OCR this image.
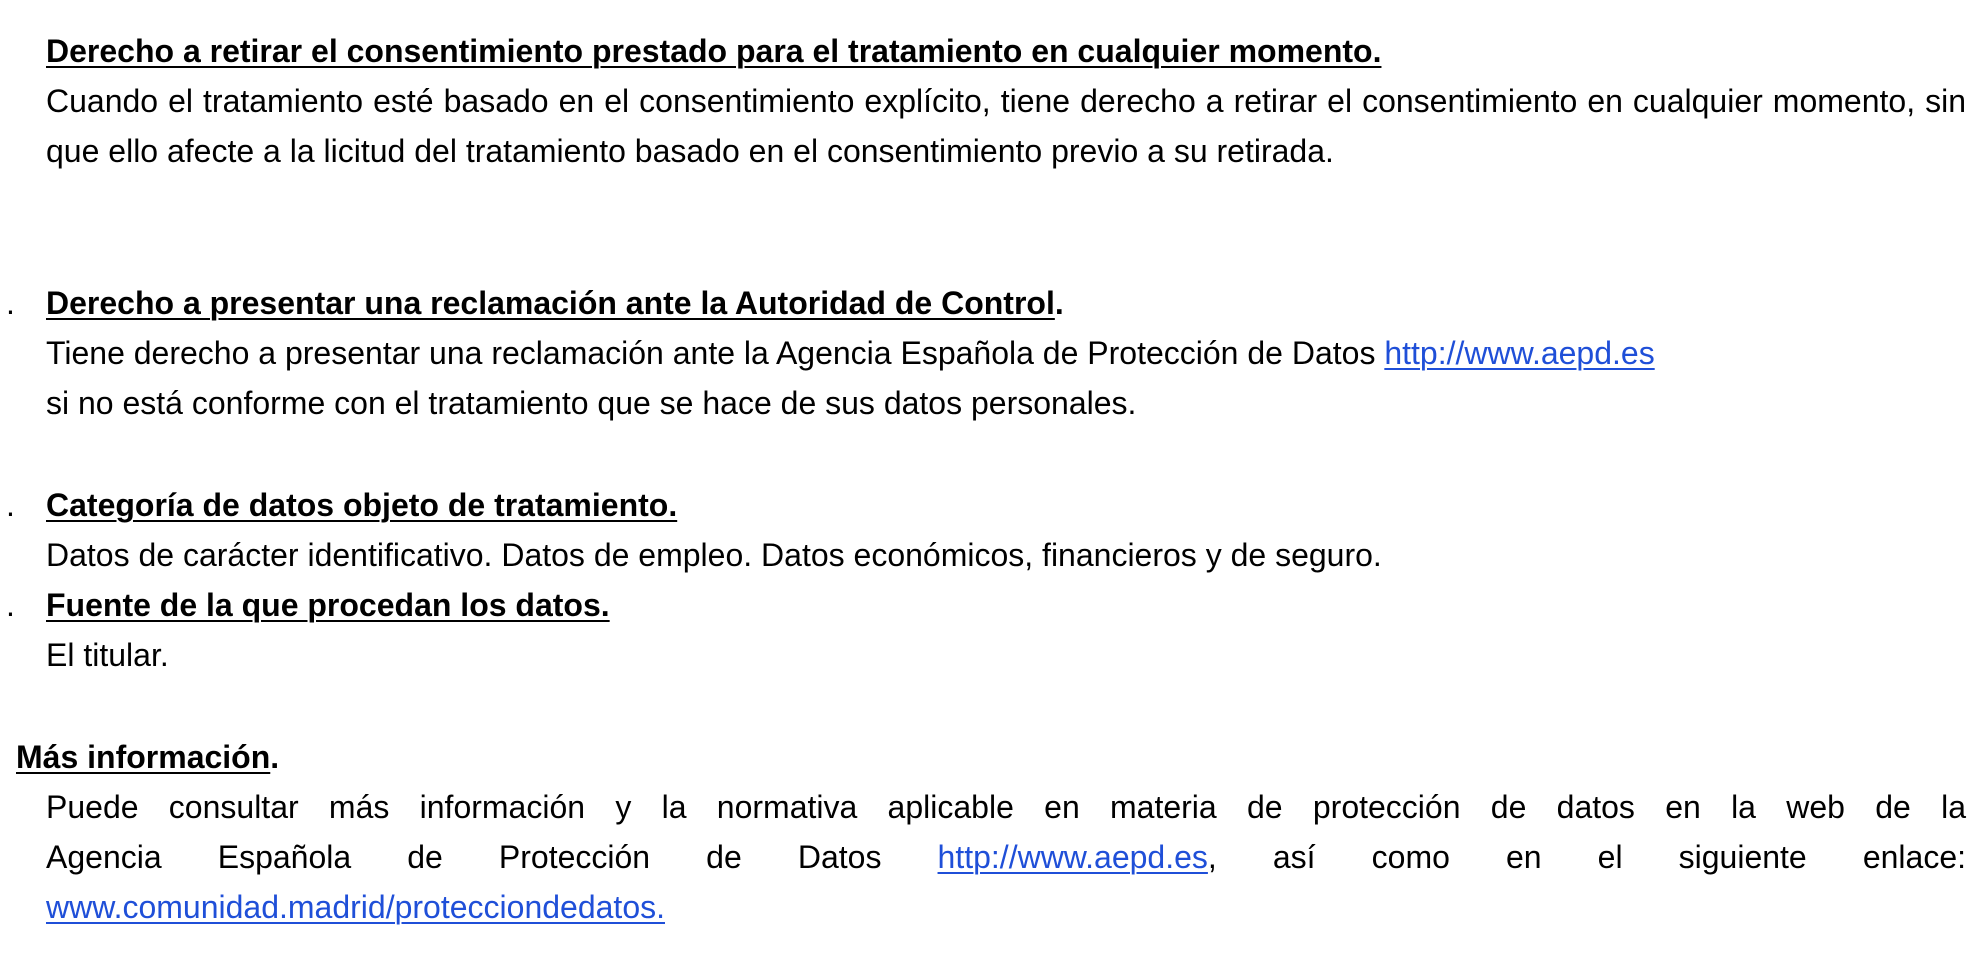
Derecho a retirar el consentimiento prestado para el tratamiento en cualquier momento.
Cuando el tratamiento esté basado en el consentimiento explícito, tiene derecho a retirar el consentimiento en cualquier momento, sin que ello afecte a la licitud del tratamiento basado en el consentimiento previo a su retirada.
. Derecho a presentar una reclamación ante la Autoridad de Control.
Tiene derecho a presentar una reclamación ante la Agencia Española de Protección de Datos http://www.aepd.es
si no está conforme con el tratamiento que se hace de sus datos personales.
. Categoría de datos objeto de tratamiento.
Datos de carácter identificativo. Datos de empleo. Datos económicos, financieros y de seguro.
. Fuente de la que procedan los datos.
El titular.
Más información.
Puede consultar más información y la normativa aplicable en materia de protección de datos en la web de la
Agencia Española de Protección de Datos http://www.aepd.es, así como en el siguiente enlace:
www.comunidad.madrid/protecciondedatos.
